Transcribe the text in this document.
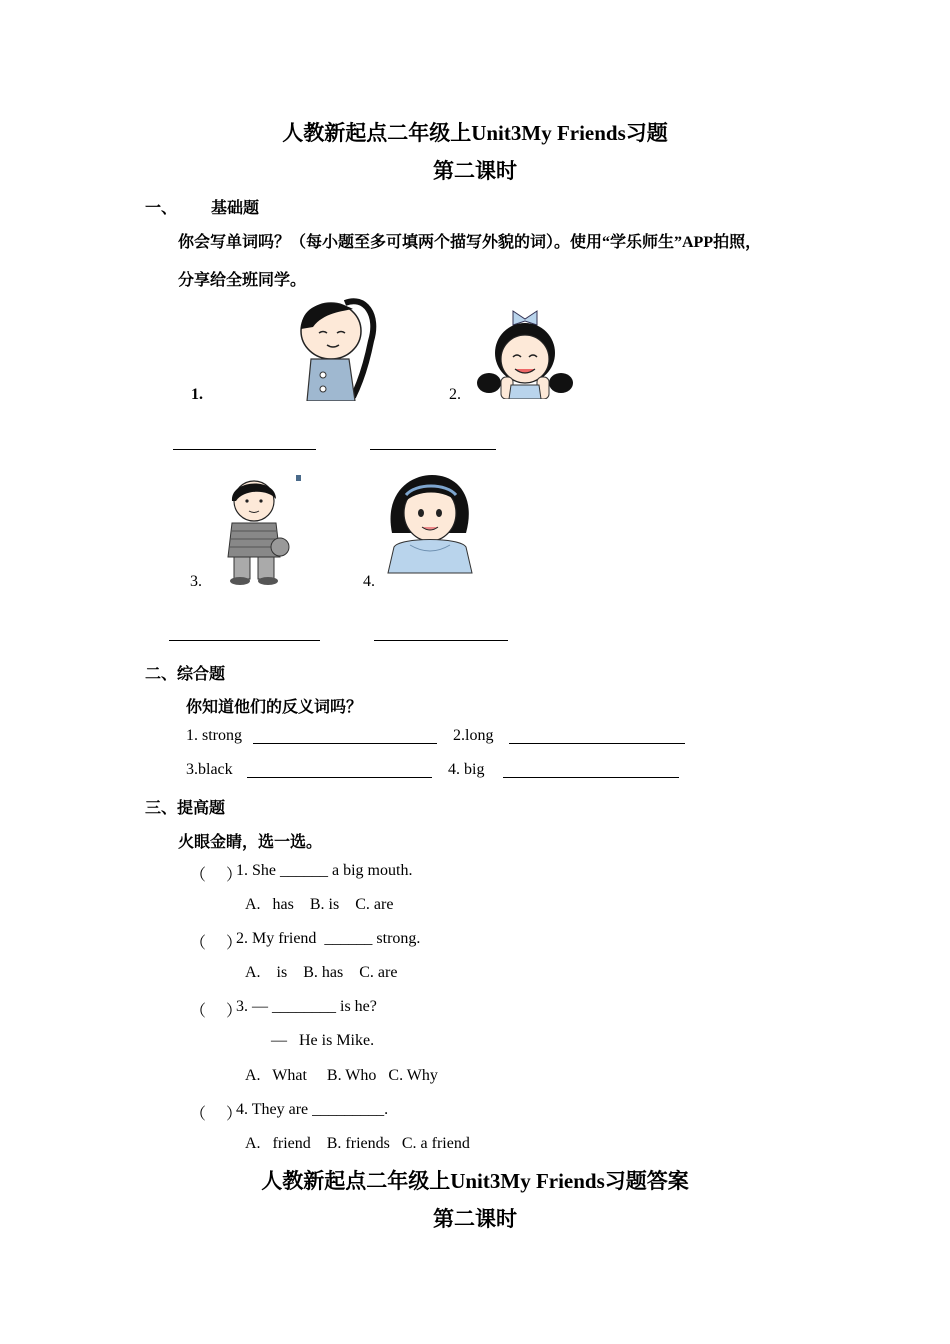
人教新起点二年级上Unit3My Friends习题
第二课时
一、 基础题
你会写单词吗？（每小题至多可填两个描写外貌的词）。使用“学乐师生”APP拍照，
分享给全班同学。
1.	2.
3.	4.
二、综合题
你知道他们的反义词吗？
1. strong	2.long
3.black	4. big
三、提高题
火眼金睛，选一选。
（　 ）
1. She ______ a big mouth.
A.   has    B. is    C. are
（　 ）
2. My friend  ______ strong.
A.    is    B. has    C. are
（　 ）
3. — ________ is he?
—   He is Mike.
A.   What     B. Who   C. Why
（　 ）
4. They are _________.
A.   friend    B. friends   C. a friend
人教新起点二年级上Unit3My Friends习题答案
第二课时
